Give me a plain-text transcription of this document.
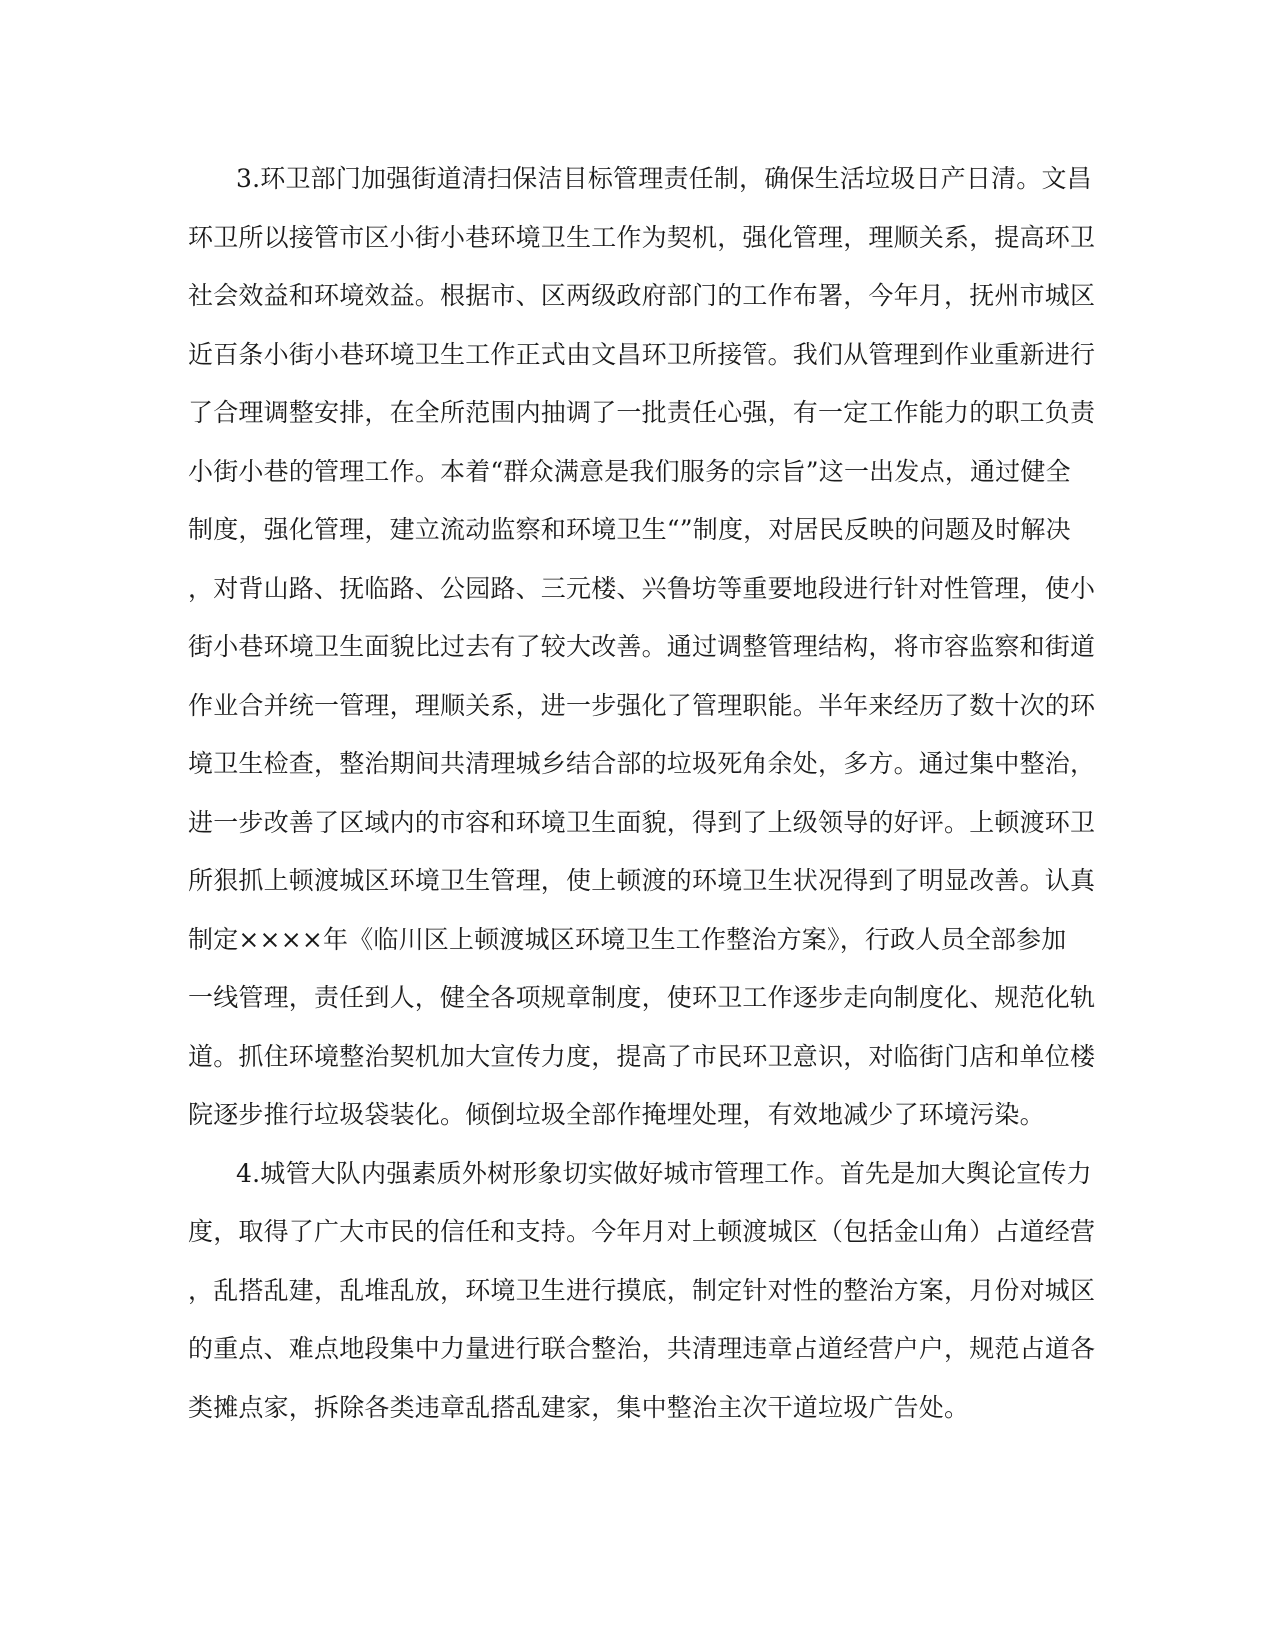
3.环卫部门加强街道清扫保洁目标管理责任制，确保生活垃圾日产日清。文昌
环卫所以接管市区小街小巷环境卫生工作为契机，强化管理，理顺关系，提高环卫
社会效益和环境效益。根据市、区两级政府部门的工作布署，今年月，抚州市城区
近百条小街小巷环境卫生工作正式由文昌环卫所接管。我们从管理到作业重新进行
了合理调整安排，在全所范围内抽调了一批责任心强，有一定工作能力的职工负责
小街小巷的管理工作。本着“群众满意是我们服务的宗旨”这一出发点，通过健全
制度，强化管理，建立流动监察和环境卫生“”制度，对居民反映的问题及时解决
，对背山路、抚临路、公园路、三元楼、兴鲁坊等重要地段进行针对性管理，使小
街小巷环境卫生面貌比过去有了较大改善。通过调整管理结构，将市容监察和街道
作业合并统一管理，理顺关系，进一步强化了管理职能。半年来经历了数十次的环
境卫生检查，整治期间共清理城乡结合部的垃圾死角余处，多方。通过集中整治，
进一步改善了区域内的市容和环境卫生面貌，得到了上级领导的好评。上顿渡环卫
所狠抓上顿渡城区环境卫生管理，使上顿渡的环境卫生状况得到了明显改善。认真
制定××××年《临川区上顿渡城区环境卫生工作整治方案》，行政人员全部参加
一线管理，责任到人，健全各项规章制度，使环卫工作逐步走向制度化、规范化轨
道。抓住环境整治契机加大宣传力度，提高了市民环卫意识，对临街门店和单位楼
院逐步推行垃圾袋装化。倾倒垃圾全部作掩埋处理，有效地减少了环境污染。

4.城管大队内强素质外树形象切实做好城市管理工作。首先是加大舆论宣传力
度，取得了广大市民的信任和支持。今年月对上顿渡城区（包括金山角）占道经营
，乱搭乱建，乱堆乱放，环境卫生进行摸底，制定针对性的整治方案，月份对城区
的重点、难点地段集中力量进行联合整治，共清理违章占道经营户户，规范占道各
类摊点家，拆除各类违章乱搭乱建家，集中整治主次干道垃圾广告处。
